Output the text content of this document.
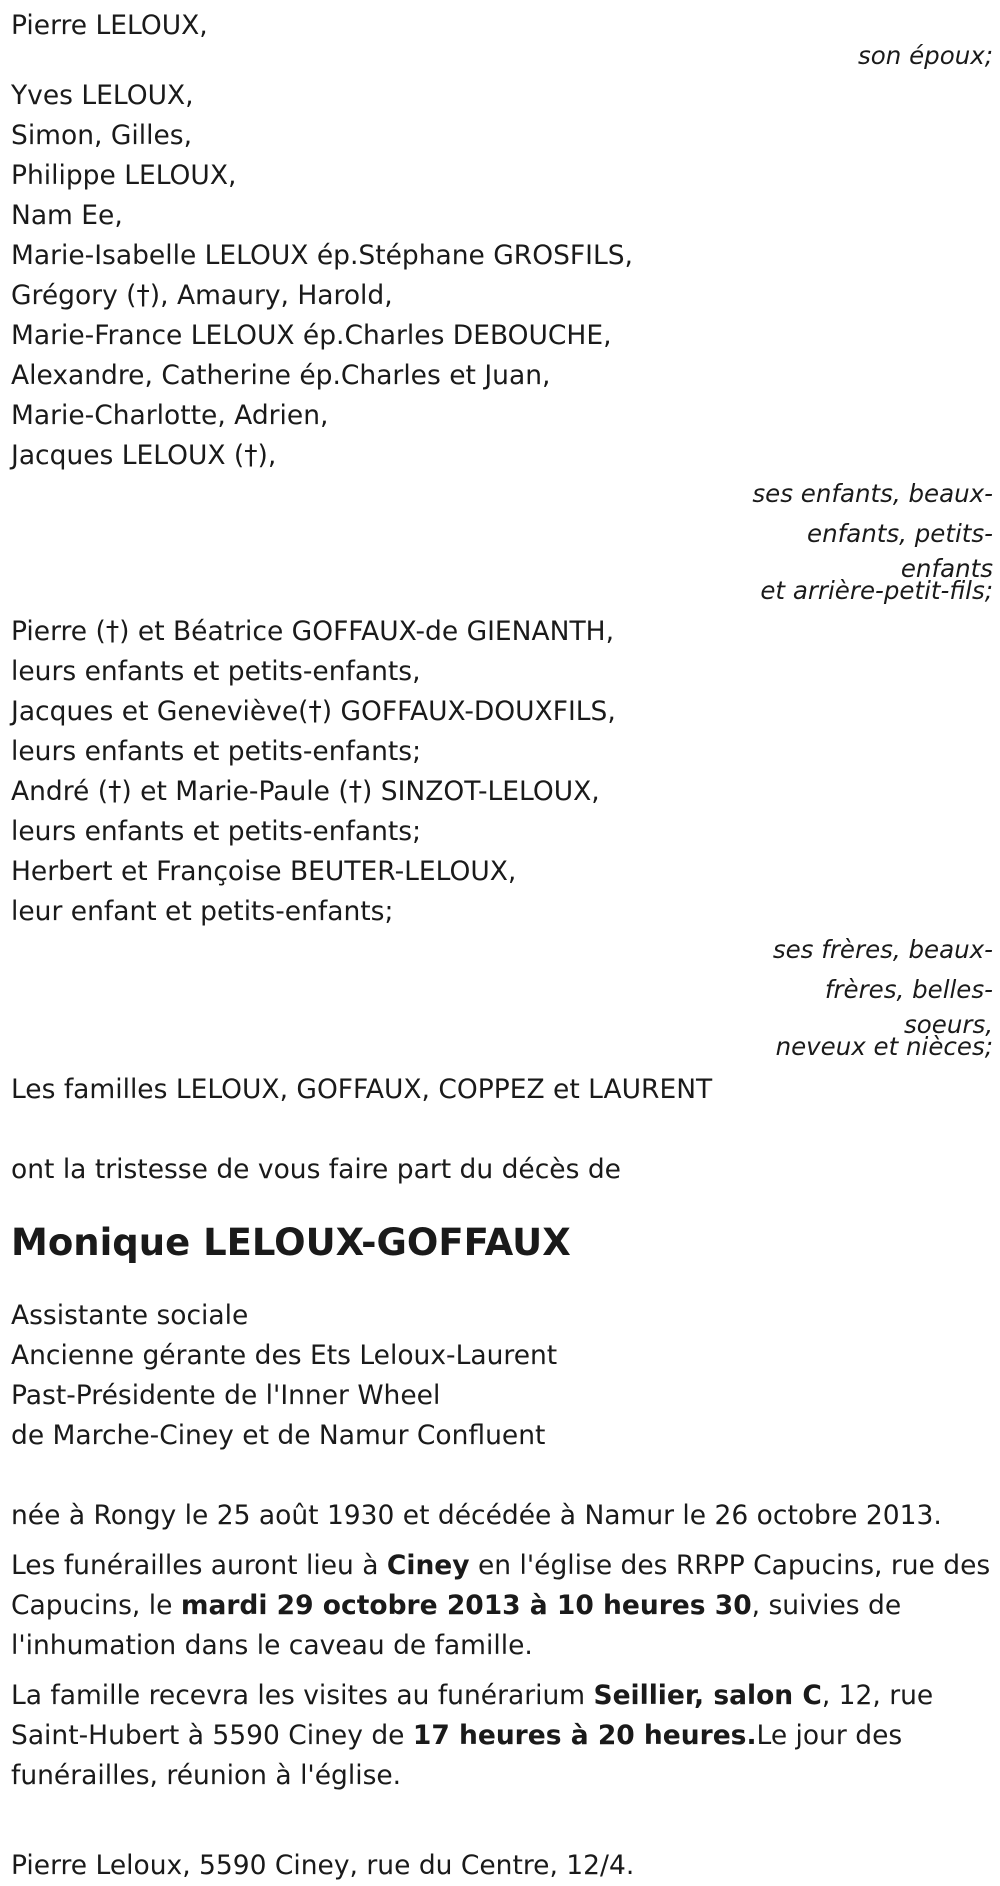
Pierre LELOUX,
son époux;
Yves LELOUX,
Simon, Gilles,
Philippe LELOUX,
Nam Ee,
Marie-Isabelle LELOUX ép.Stéphane GROSFILS,
Grégory (†), Amaury, Harold,
Marie-France LELOUX ép.Charles DEBOUCHE,
Alexandre, Catherine ép.Charles et Juan,
Marie-Charlotte, Adrien,
Jacques LELOUX (†),
ses enfants, beaux-
enfants, petits-
enfants
et arrière-petit-fils;
Pierre (†) et Béatrice GOFFAUX-de GIENANTH,
leurs enfants et petits-enfants,
Jacques et Geneviève(†) GOFFAUX-DOUXFILS,
leurs enfants et petits-enfants;
André (†) et Marie-Paule (†) SINZOT-LELOUX,
leurs enfants et petits-enfants;
Herbert et Françoise BEUTER-LELOUX,
leur enfant et petits-enfants;
ses frères, beaux-
frères, belles-
soeurs,
neveux et nièces;
Les familles LELOUX, GOFFAUX, COPPEZ et LAURENT
ont la tristesse de vous faire part du décès de
Monique LELOUX-GOFFAUX
Assistante sociale
Ancienne gérante des Ets Leloux-Laurent
Past-Présidente de l'Inner Wheel
de Marche-Ciney et de Namur Confluent
née à Rongy le 25 août 1930 et décédée à Namur le 26 octobre 2013.
Les funérailles auront lieu à Ciney en l'église des RRPP Capucins, rue des Capucins, le mardi 29 octobre 2013 à 10 heures 30, suivies de l'inhumation dans le caveau de famille.
La famille recevra les visites au funérarium Seillier, salon C, 12, rue Saint-Hubert à 5590 Ciney de 17 heures à 20 heures.Le jour des funérailles, réunion à l'église.
Pierre Leloux, 5590 Ciney, rue du Centre, 12/4.
